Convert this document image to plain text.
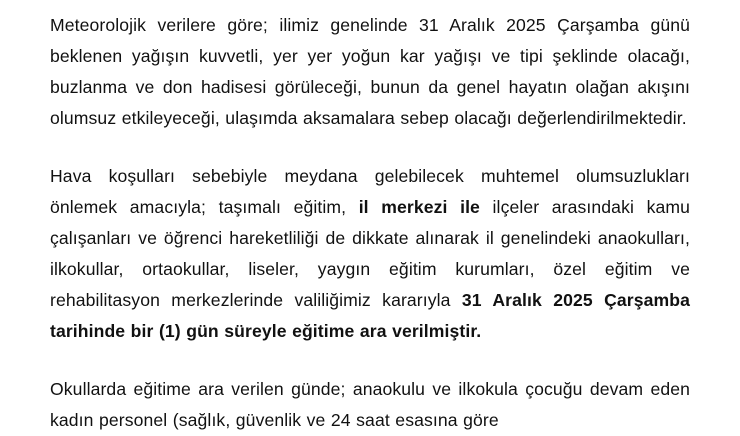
Meteorolojik verilere göre; ilimiz genelinde 31 Aralık 2025 Çarşamba günü beklenen yağışın kuvvetli, yer yer yoğun kar yağışı ve tipi şeklinde olacağı, buzlanma ve don hadisesi görüleceği, bunun da genel hayatın olağan akışını olumsuz etkileyeceği, ulaşımda aksamalara sebep olacağı değerlendirilmektedir.

Hava koşulları sebebiyle meydana gelebilecek muhtemel olumsuzlukları önlemek amacıyla; taşımalı eğitim, il merkezi ile ilçeler arasındaki kamu çalışanları ve öğrenci hareketliliği de dikkate alınarak il genelindeki anaokulları, ilkokullar, ortaokullar, liseler, yaygın eğitim kurumları, özel eğitim ve rehabilitasyon merkezlerinde valiliğimiz kararıyla 31 Aralık 2025 Çarşamba tarihinde bir (1) gün süreyle eğitime ara verilmiştir.

Okullarda eğitime ara verilen günde; anaokulu ve ilkokula çocuğu devam eden kadın personel (sağlık, güvenlik ve 24 saat esasına göre
